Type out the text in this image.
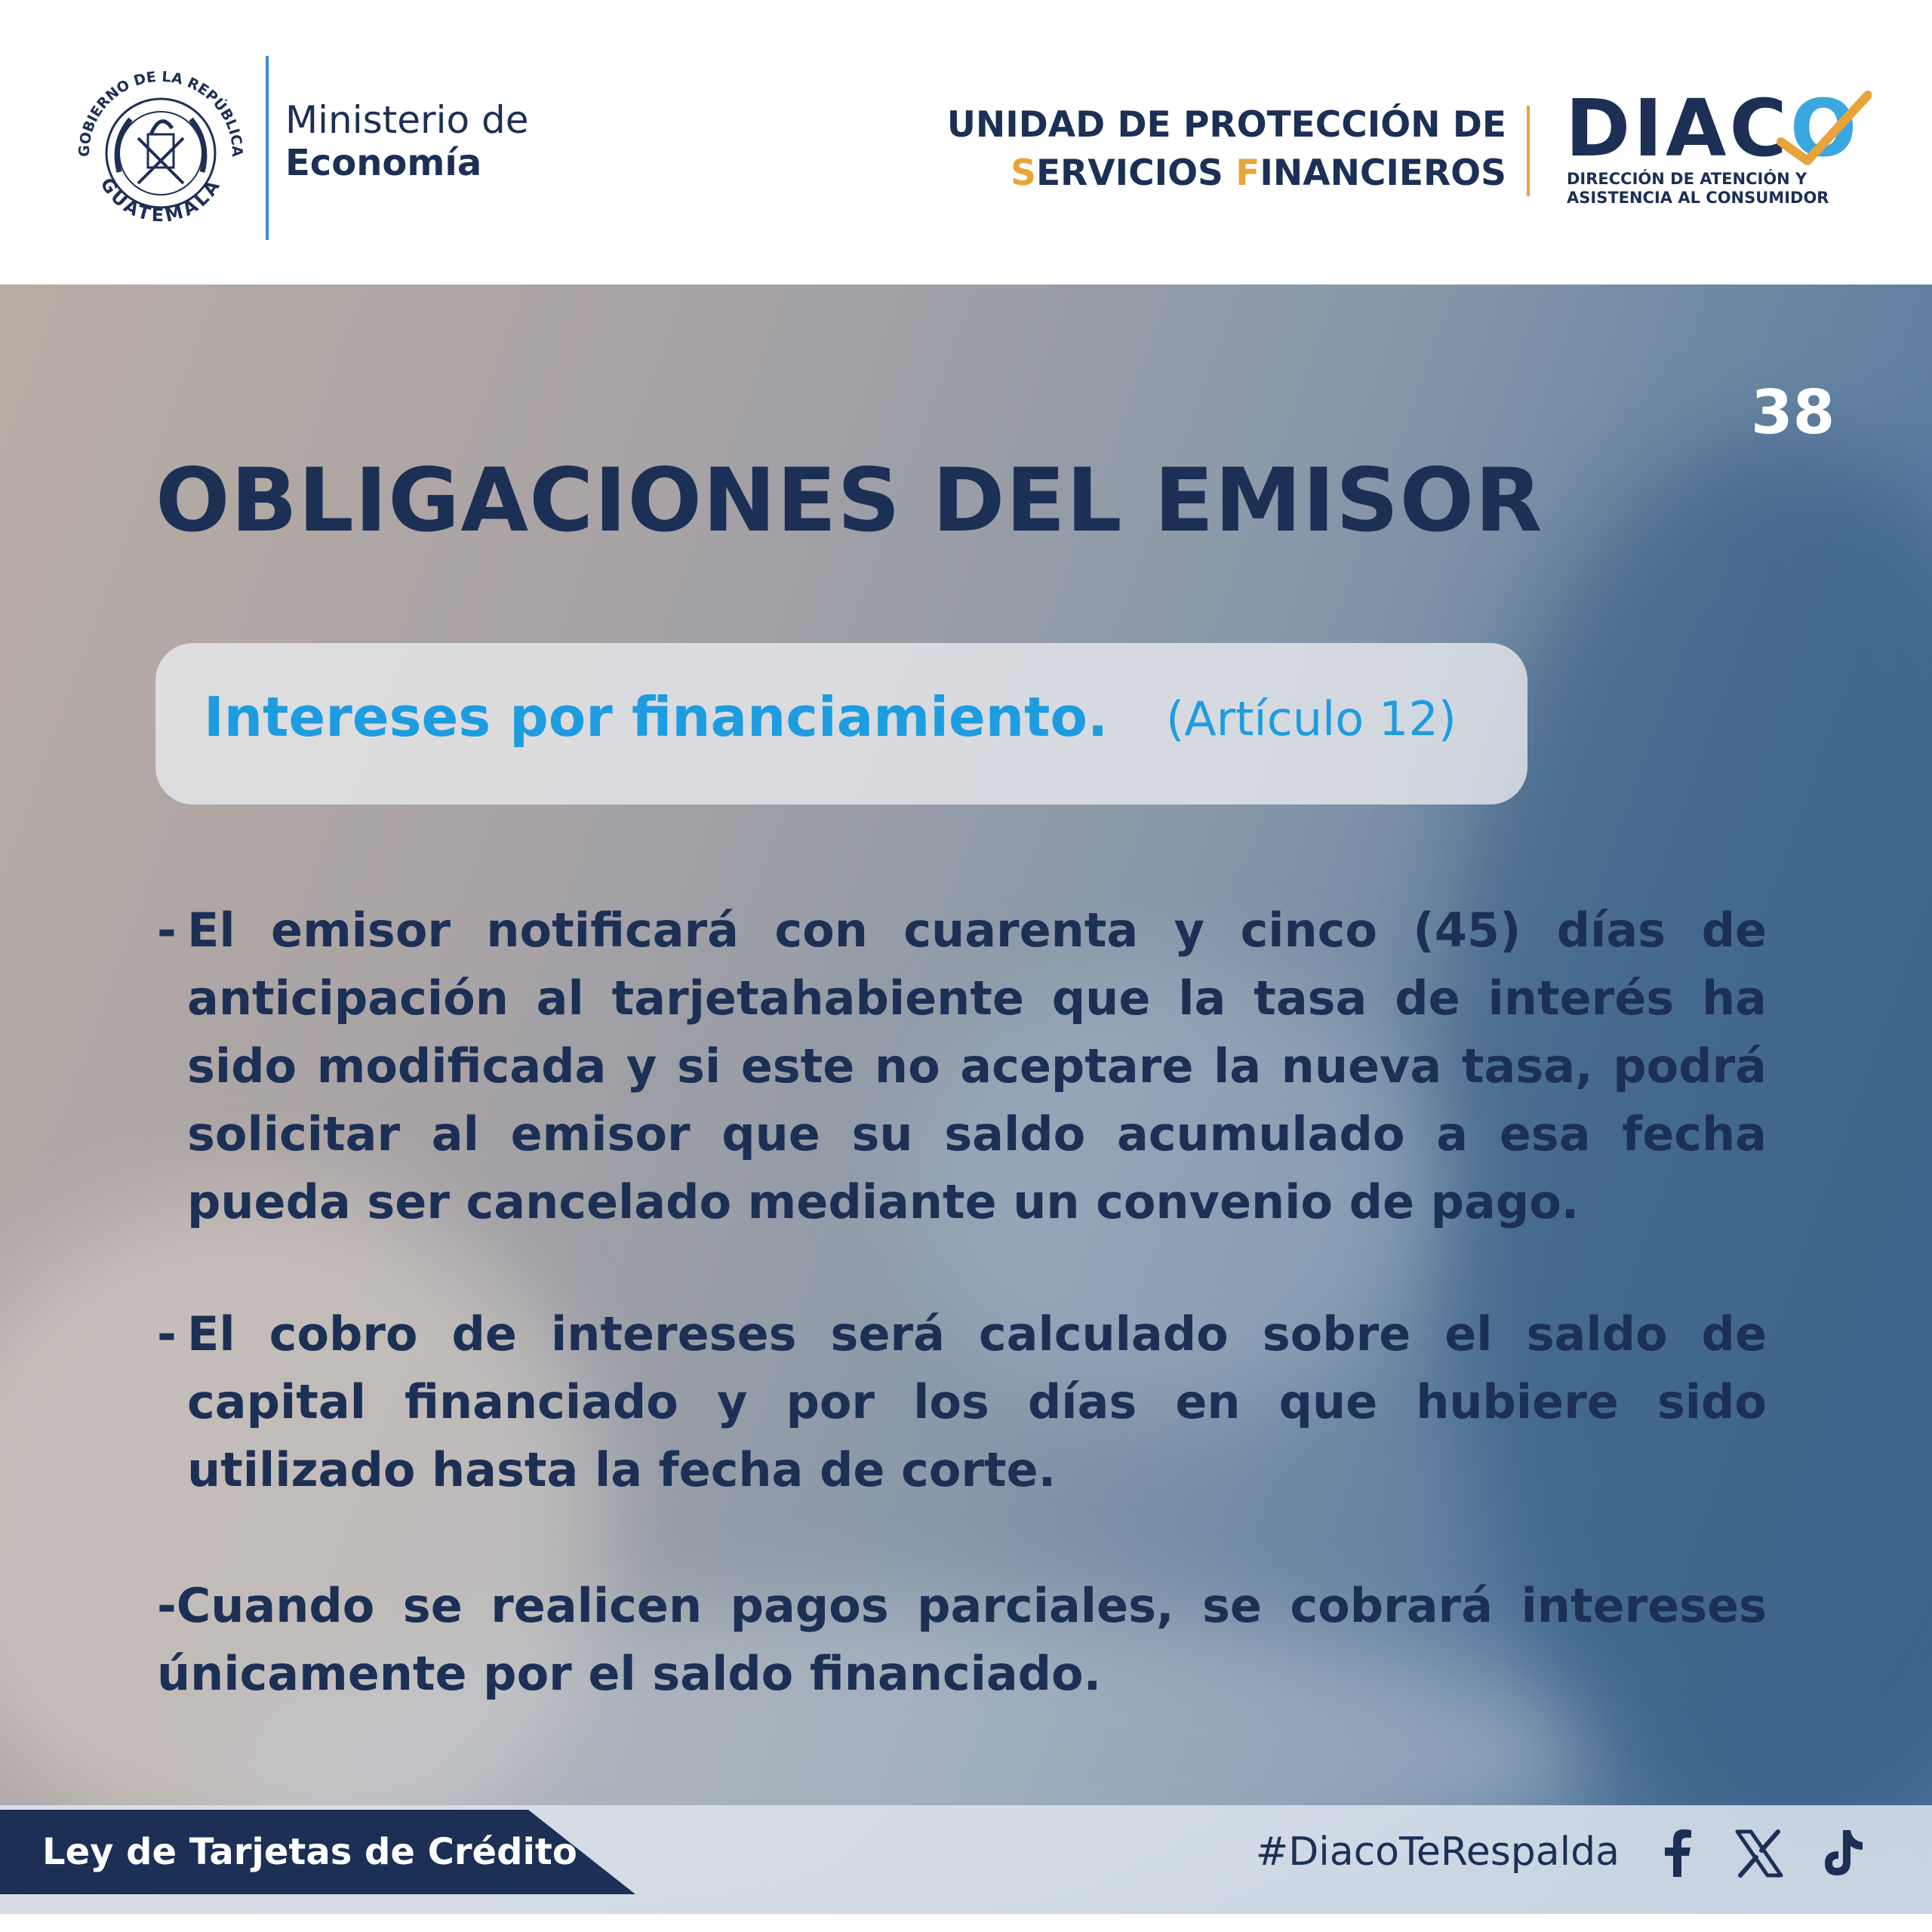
GOBIERNO DE LA REPÚBLICA
GUATEMALA
Ministerio de
Economía
UNIDAD DE PROTECCIÓN DE
SERVICIOS FINANCIEROS DIACO
DIRECCIÓN DE ATENCIÓN Y
ASISTENCIA AL CONSUMIDOR
38
OBLIGACIONES DEL EMISOR
Intereses por financiamiento. (Artículo 12)
- El emisor notificará con cuarenta y cinco (45) días de anticipación al tarjetahabiente que la tasa de interés ha sido modificada y si este no aceptare la nueva tasa, podrá solicitar al emisor que su saldo acumulado a esa fecha pueda ser cancelado mediante un convenio de pago.
- El cobro de intereses será calculado sobre el saldo de capital financiado y por los días en que hubiere sido utilizado hasta la fecha de corte.
-Cuando se realicen pagos parciales, se cobrará intereses únicamente por el saldo financiado.
Ley de Tarjetas de Crédito	#DiacoTeRespalda
